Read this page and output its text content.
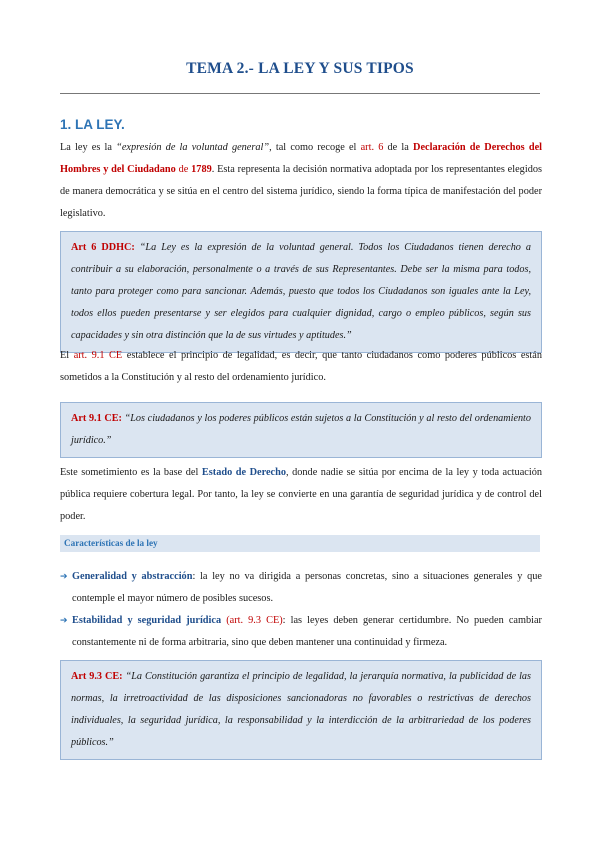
TEMA 2.- LA LEY Y SUS TIPOS
1. LA LEY.
La ley es la “expresión de la voluntad general”, tal como recoge el art. 6 de la Declaración de Derechos del Hombres y del Ciudadano de 1789. Esta representa la decisión normativa adoptada por los representantes elegidos de manera democrática y se sitúa en el centro del sistema jurídico, siendo la forma típica de manifestación del poder legislativo.
Art 6 DDHC: “La Ley es la expresión de la voluntad general. Todos los Ciudadanos tienen derecho a contribuir a su elaboración, personalmente o a través de sus Representantes. Debe ser la misma para todos, tanto para proteger como para sancionar. Además, puesto que todos los Ciudadanos son iguales ante la Ley, todos ellos pueden presentarse y ser elegidos para cualquier dignidad, cargo o empleo públicos, según sus capacidades y sin otra distinción que la de sus virtudes y aptitudes.”
El art. 9.1 CE establece el principio de legalidad, es decir, que tanto ciudadanos como poderes públicos están sometidos a la Constitución y al resto del ordenamiento jurídico.
Art 9.1 CE: “Los ciudadanos y los poderes públicos están sujetos a la Constitución y al resto del ordenamiento jurídico.”
Este sometimiento es la base del Estado de Derecho, donde nadie se sitúa por encima de la ley y toda actuación pública requiere cobertura legal. Por tanto, la ley se convierte en una garantía de seguridad jurídica y de control del poder.
Características de la ley
➔ Generalidad y abstracción: la ley no va dirigida a personas concretas, sino a situaciones generales y que contemple el mayor número de posibles sucesos.
➔ Estabilidad y seguridad jurídica (art. 9.3 CE): las leyes deben generar certidumbre. No pueden cambiar constantemente ni de forma arbitraria, sino que deben mantener una continuidad y firmeza.
Art 9.3 CE: “La Constitución garantiza el principio de legalidad, la jerarquía normativa, la publicidad de las normas, la irretroactividad de las disposiciones sancionadoras no favorables o restrictivas de derechos individuales, la seguridad jurídica, la responsabilidad y la interdicción de la arbitrariedad de los poderes públicos.”
